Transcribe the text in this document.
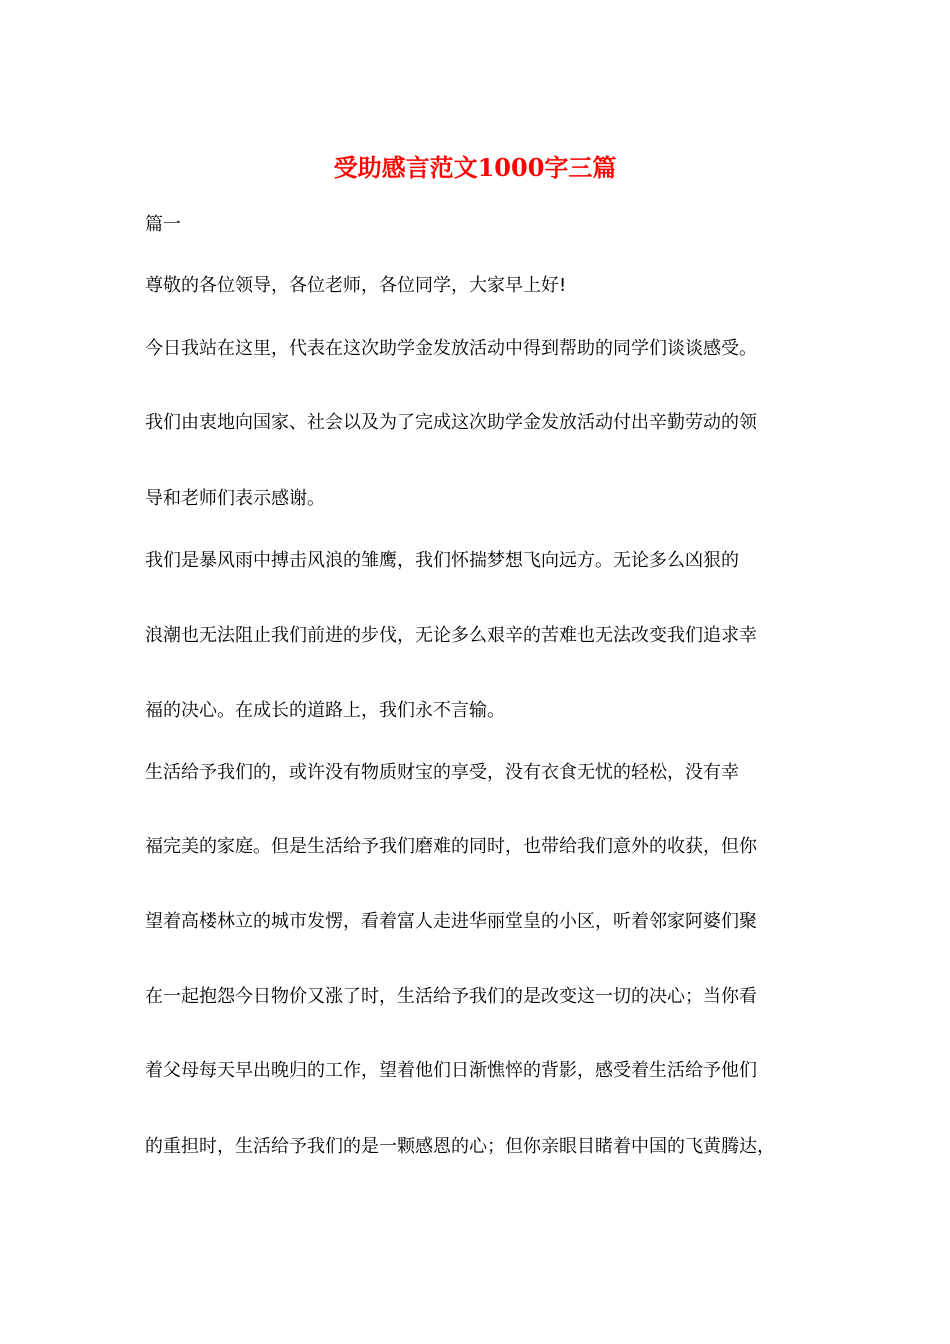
受助感言范文1000字三篇
篇一
尊敬的各位领导，各位老师，各位同学，大家早上好!
今日我站在这里，代表在这次助学金发放活动中得到帮助的同学们谈谈感受。
我们由衷地向国家、社会以及为了完成这次助学金发放活动付出辛勤劳动的领
导和老师们表示感谢。
我们是暴风雨中搏击风浪的雏鹰，我们怀揣梦想飞向远方。无论多么凶狠的
浪潮也无法阻止我们前进的步伐，无论多么艰辛的苦难也无法改变我们追求幸
福的决心。在成长的道路上，我们永不言输。
生活给予我们的，或许没有物质财宝的享受，没有衣食无忧的轻松，没有幸
福完美的家庭。但是生活给予我们磨难的同时，也带给我们意外的收获，但你
望着高楼林立的城市发愣，看着富人走进华丽堂皇的小区，听着邻家阿婆们聚
在一起抱怨今日物价又涨了时，生活给予我们的是改变这一切的决心；当你看
着父母每天早出晚归的工作，望着他们日渐憔悴的背影，感受着生活给予他们
的重担时，生活给予我们的是一颗感恩的心；但你亲眼目睹着中国的飞黄腾达，
